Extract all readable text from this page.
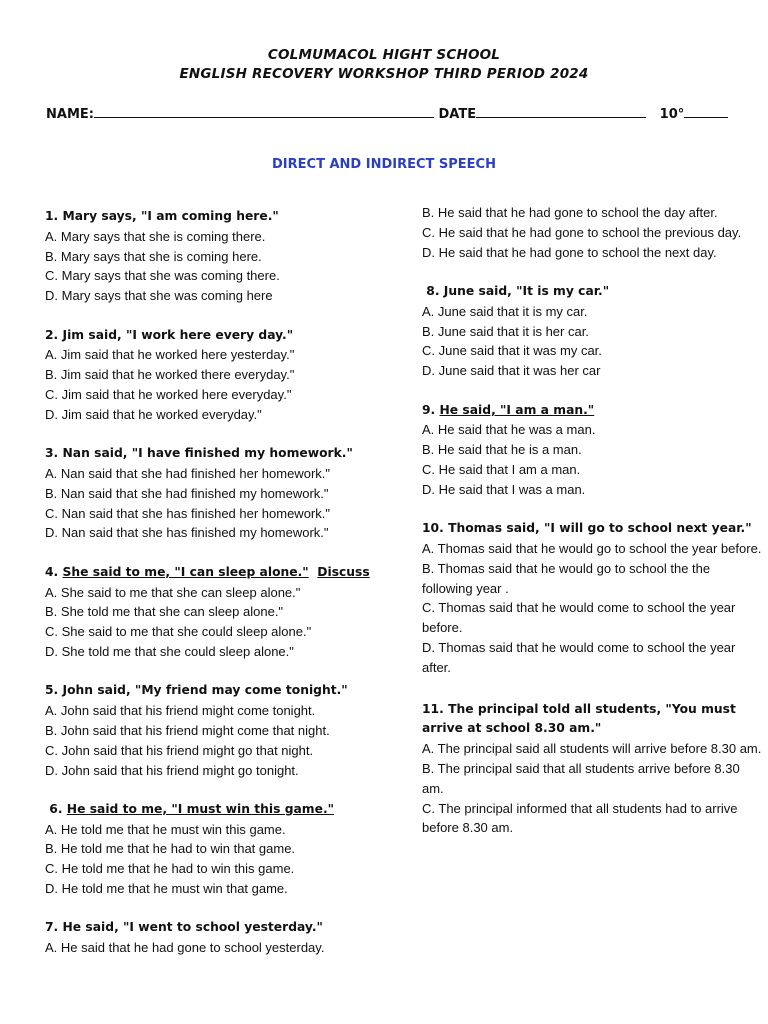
COLMUMACOL HIGHT SCHOOL
ENGLISH RECOVERY WORKSHOP THIRD PERIOD 2024
NAME:	DATE	10°
DIRECT AND INDIRECT SPEECH
1. Mary says, "I am coming here."
A. Mary says that she is coming there.
B. Mary says that she is coming here.
C. Mary says that she was coming there.
D. Mary says that she was coming here
2. Jim said, "I work here every day."
A. Jim said that he worked here yesterday."
B. Jim said that he worked there everyday."
C. Jim said that he worked here everyday."
D. Jim said that he worked everyday."
3. Nan said, "I have finished my homework."
A. Nan said that she had finished her homework."
B. Nan said that she had finished my homework."
C. Nan said that she has finished her homework."
D. Nan said that she has finished my homework."
4. She said to me, "I can sleep alone." Discuss
A. She said to me that she can sleep alone."
B. She told me that she can sleep alone."
C. She said to me that she could sleep alone."
D. She told me that she could sleep alone."
5. John said, "My friend may come tonight."
A. John said that his friend might come tonight.
B. John said that his friend might come that night.
C. John said that his friend might go that night.
D. John said that his friend might go tonight.
6. He said to me, "I must win this game."
A. He told me that he must win this game.
B. He told me that he had to win that game.
C. He told me that he had to win this game.
D. He told me that he must win that game.
7. He said, "I went to school yesterday."
A. He said that he had gone to school yesterday.
B. He said that he had gone to school the day after.
C. He said that he had gone to school the previous day.
D. He said that he had gone to school the next day.
8. June said, "It is my car."
A. June said that it is my car.
B. June said that it is her car.
C. June said that it was my car.
D. June said that it was her car
9. He said, "I am a man."
A. He said that he was a man.
B. He said that he is a man.
C. He said that I am a man.
D. He said that I was a man.
10. Thomas said, "I will go to school next year."
A. Thomas said that he would go to school the year before.
B. Thomas said that he would go to school the the following year .
C. Thomas said that he would come to school the year before.
D. Thomas said that he would come to school the year after.
11. The principal told all students, "You must arrive at school 8.30 am."
A. The principal said all students will arrive before 8.30 am.
B. The principal said that all students arrive before 8.30 am.
C. The principal informed that all students had to arrive before 8.30 am.
